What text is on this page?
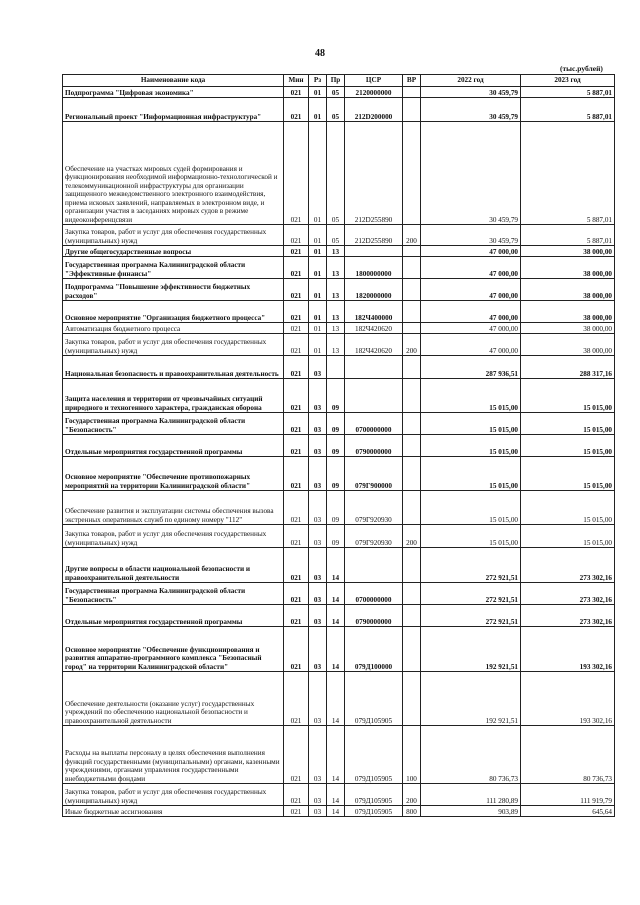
48
(тыс.рублей)
Наименование кода	Мин	Рз	Пр	ЦСР	ВР	2022 год	2023 год
Подпрограмма "Цифровая экономика"	021	01	05	2120000000		30 459,79	5 887,01
Региональный проект "Информационная инфраструктура"	021	01	05	212D200000		30 459,79	5 887,01
Обеспечение на участках мировых судей формирования и функционирования необходимой информационно-технологической и телекоммуникационной инфраструктуры для организации защищенного межведомственного электронного взаимодействия, приема исковых заявлений, направляемых в электронном виде, и организации участия в заседаниях мировых судов в режиме видеоконференцсвязи	021	01	05	212D255890		30 459,79	5 887,01
Закупка товаров, работ и услуг для обеспечения государственных (муниципальных) нужд	021	01	05	212D255890	200	30 459,79	5 887,01
Другие общегосударственные вопросы	021	01	13			47 000,00	38 000,00
Государственная программа Калининградской области "Эффективные финансы"	021	01	13	1800000000		47 000,00	38 000,00
Подпрограмма "Повышение эффективности бюджетных расходов"	021	01	13	1820000000		47 000,00	38 000,00
Основное мероприятие "Организация бюджетного процесса"	021	01	13	182Ч400000		47 000,00	38 000,00
Автоматизация бюджетного процесса	021	01	13	182Ч420620		47 000,00	38 000,00
Закупка товаров, работ и услуг для обеспечения государственных (муниципальных) нужд	021	01	13	182Ч420620	200	47 000,00	38 000,00
Национальная безопасность и правоохранительная деятельность	021	03				287 936,51	288 317,16
Защита населения и территории от чрезвычайных ситуаций природного и техногенного характера, гражданская оборона	021	03	09			15 015,00	15 015,00
Государственная программа Калининградской области "Безопасность"	021	03	09	0700000000		15 015,00	15 015,00
Отдельные мероприятия государственной программы	021	03	09	0790000000		15 015,00	15 015,00
Основное мероприятие "Обеспечение противопожарных мероприятий на территории Калининградской области"	021	03	09	079Г900000		15 015,00	15 015,00
Обеспечение развития и эксплуатации системы обеспечения вызова экстренных оперативных служб по единому номеру "112"	021	03	09	079Г920930		15 015,00	15 015,00
Закупка товаров, работ и услуг для обеспечения государственных (муниципальных) нужд	021	03	09	079Г920930	200	15 015,00	15 015,00
Другие вопросы в области национальной безопасности и правоохранительной деятельности	021	03	14			272 921,51	273 302,16
Государственная программа Калининградской области "Безопасность"	021	03	14	0700000000		272 921,51	273 302,16
Отдельные мероприятия государственной программы	021	03	14	0790000000		272 921,51	273 302,16
Основное мероприятие "Обеспечение функционирования и развития аппаратно-программного комплекса "Безопасный город" на территории Калининградской области"	021	03	14	079Д100000		192 921,51	193 302,16
Обеспечение деятельности (оказание услуг) государственных учреждений по обеспечению национальной безопасности и правоохранительной деятельности	021	03	14	079Д105905		192 921,51	193 302,16
Расходы на выплаты персоналу в целях обеспечения выполнения функций государственными (муниципальными) органами, казенными учреждениями, органами управления государственными внебюджетными фондами	021	03	14	079Д105905	100	80 736,73	80 736,73
Закупка товаров, работ и услуг для обеспечения государственных (муниципальных) нужд	021	03	14	079Д105905	200	111 280,89	111 919,79
Иные бюджетные ассигнования	021	03	14	079Д105905	800	903,89	645,64
